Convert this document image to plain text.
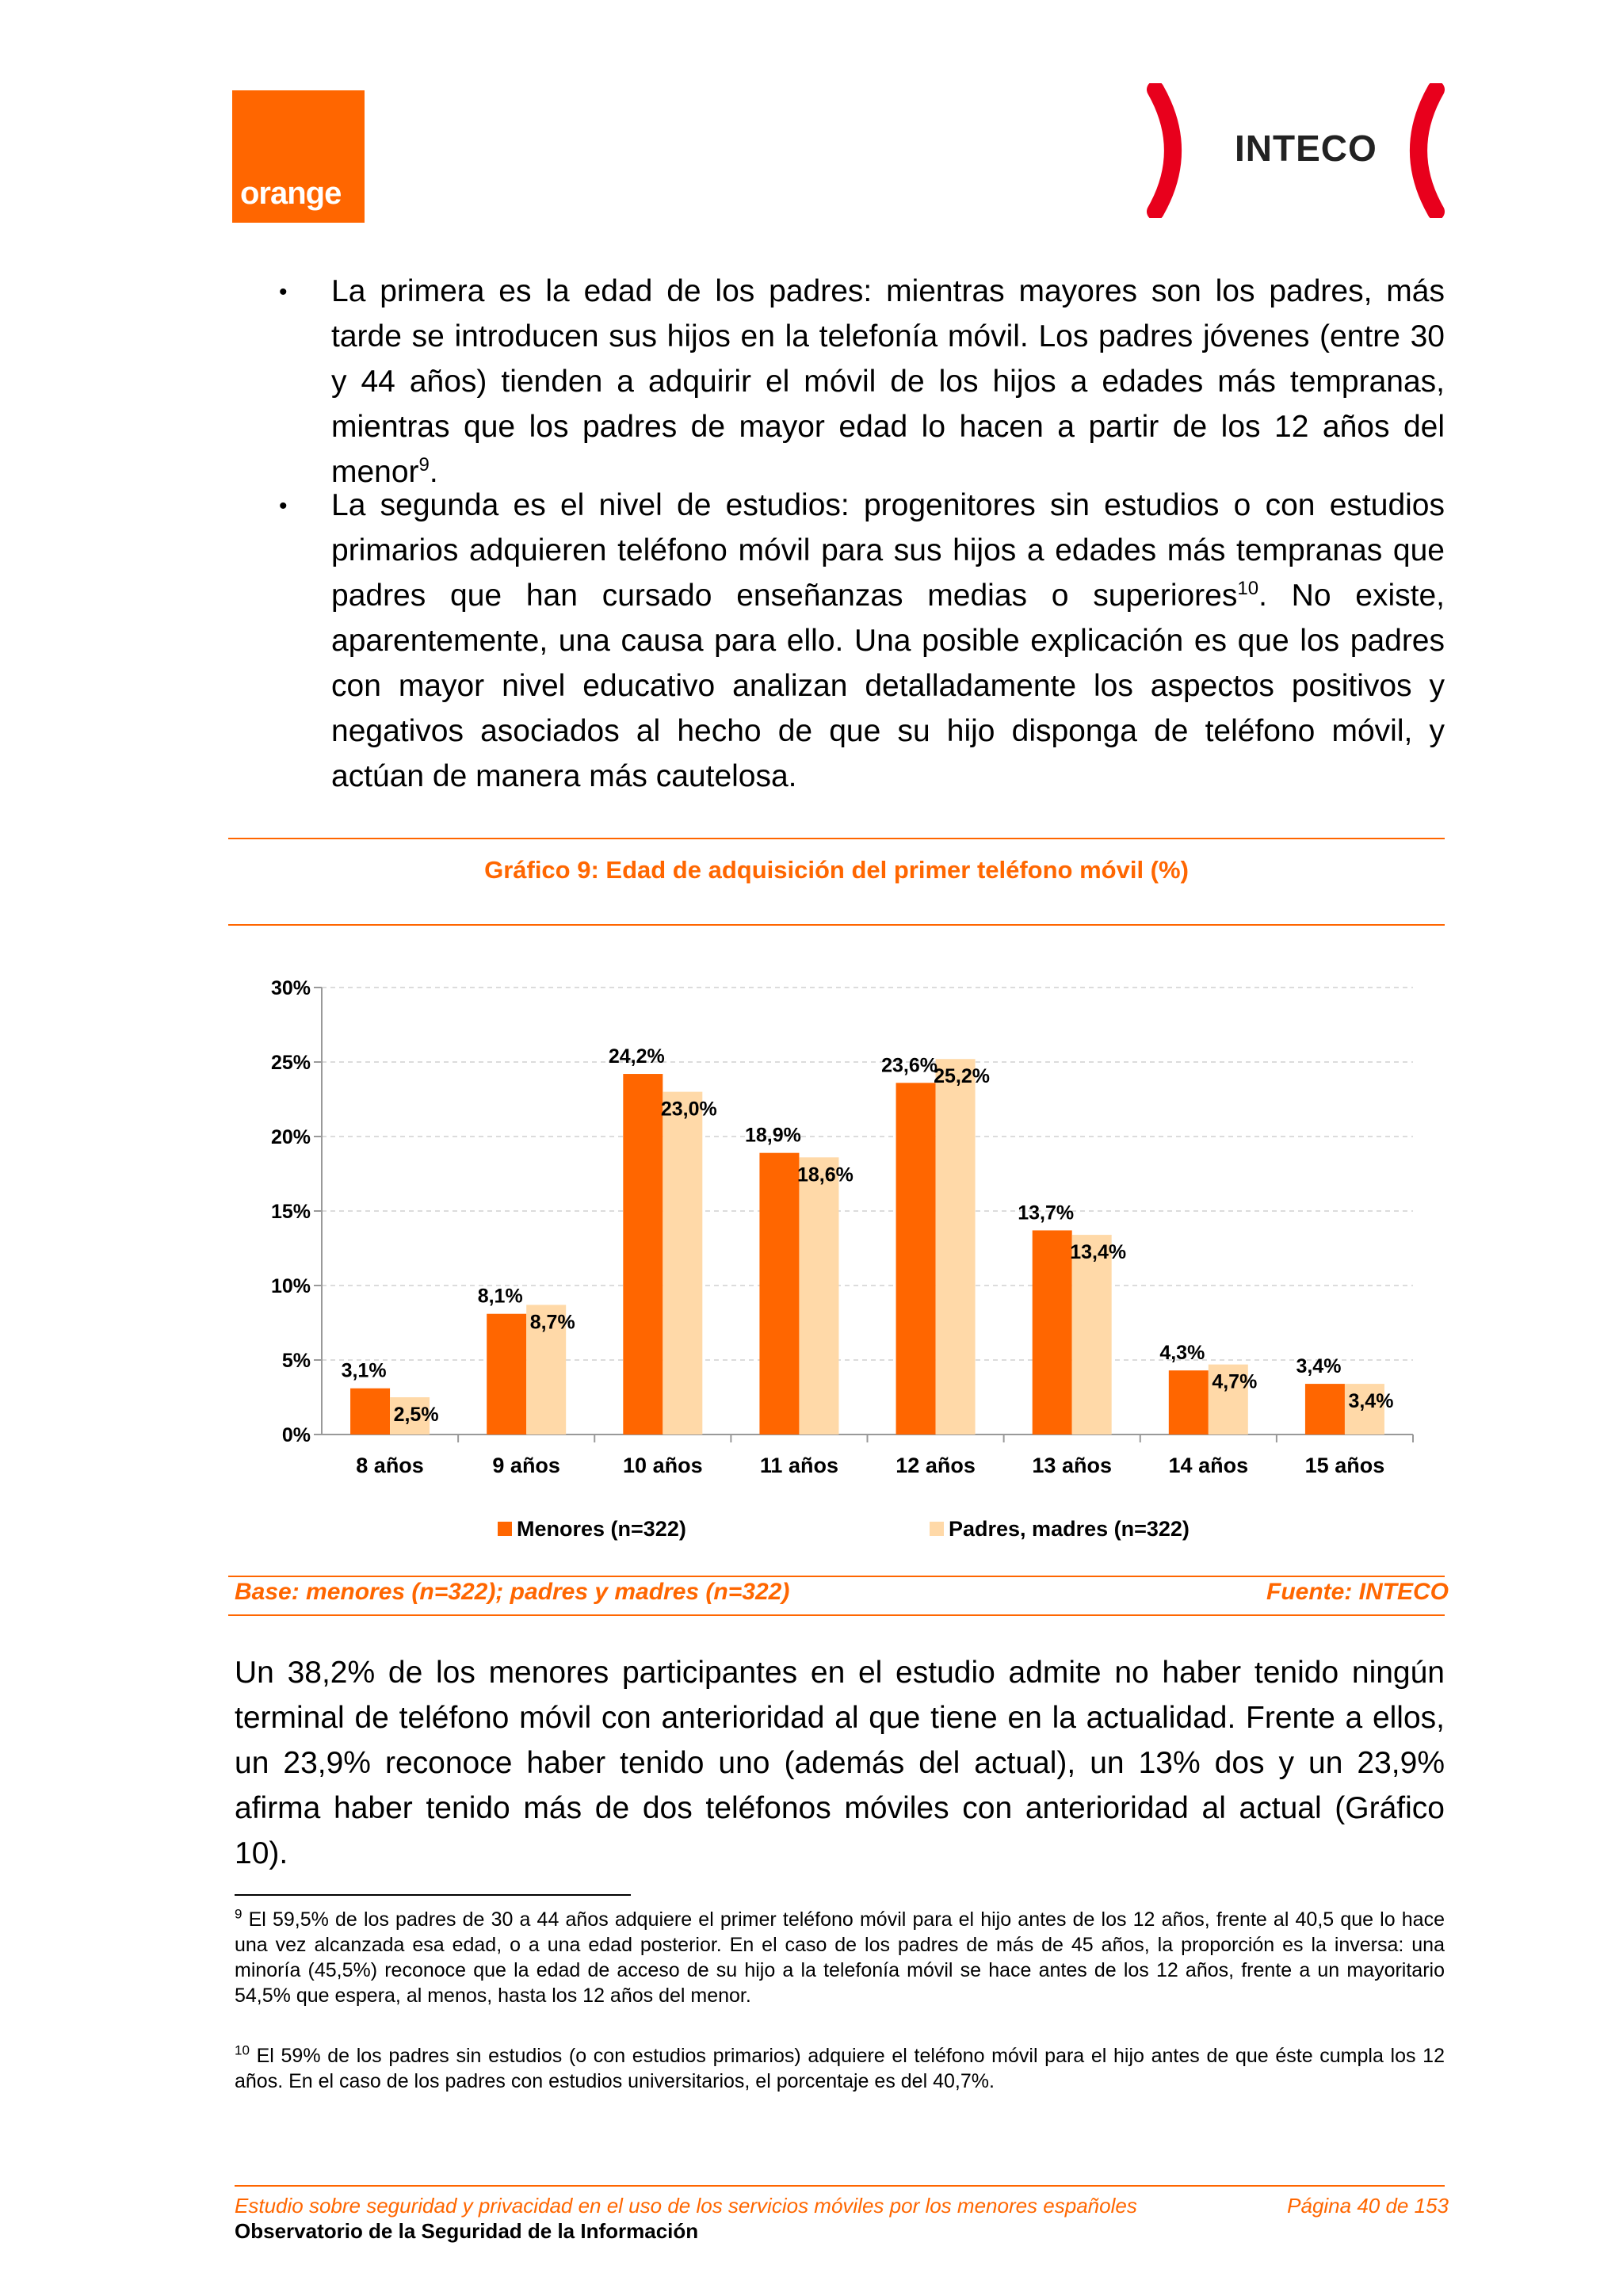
orange
INTECO
• La primera es la edad de los padres: mientras mayores son los padres, más tarde se introducen sus hijos en la telefonía móvil. Los padres jóvenes (entre 30 y 44 años) tienden a adquirir el móvil de los hijos a edades más tempranas, mientras que los padres de mayor edad lo hacen a partir de los 12 años del menor$^9$.
• La segunda es el nivel de estudios: progenitores sin estudios o con estudios primarios adquieren teléfono móvil para sus hijos a edades más tempranas que padres que han cursado enseñanzas medias o superiores$^{10}$. No existe, aparentemente, una causa para ello. Una posible explicación es que los padres con mayor nivel educativo analizan detalladamente los aspectos positivos y negativos asociados al hecho de que su hijo disponga de teléfono móvil, y actúan de manera más cautelosa.
Gráfico 9: Edad de adquisición del primer teléfono móvil (%)
0%
5%
10%
15%
20%
25%
30%
8 años	9 años	10 años	11 años	12 años	13 años	14 años	15 años
3,1%
2,5%
8,1%
8,7%
24,2%
23,0%
18,9%
18,6%
23,6%
25,2%
13,7%
13,4%
4,3%
4,7%
3,4%
3,4%
Menores (n=322)	Padres, madres (n=322)
Base: menores (n=322); padres y madres (n=322)	Fuente: INTECO
Un 38,2% de los menores participantes en el estudio admite no haber tenido ningún terminal de teléfono móvil con anterioridad al que tiene en la actualidad. Frente a ellos, un 23,9% reconoce haber tenido uno (además del actual), un 13% dos y un 23,9% afirma haber tenido más de dos teléfonos móviles con anterioridad al actual (Gráfico 10).
$^9$ El 59,5% de los padres de 30 a 44 años adquiere el primer teléfono móvil para el hijo antes de los 12 años, frente al 40,5 que lo hace una vez alcanzada esa edad, o a una edad posterior. En el caso de los padres de más de 45 años, la proporción es la inversa: una minoría (45,5%) reconoce que la edad de acceso de su hijo a la telefonía móvil se hace antes de los 12 años, frente a un mayoritario 54,5% que espera, al menos, hasta los 12 años del menor.
$^{10}$ El 59% de los padres sin estudios (o con estudios primarios) adquiere el teléfono móvil para el hijo antes de que éste cumpla los 12 años. En el caso de los padres con estudios universitarios, el porcentaje es del 40,7%.
Estudio sobre seguridad y privacidad en el uso de los servicios móviles por los menores españoles	Página 40 de 153
Observatorio de la Seguridad de la Información
